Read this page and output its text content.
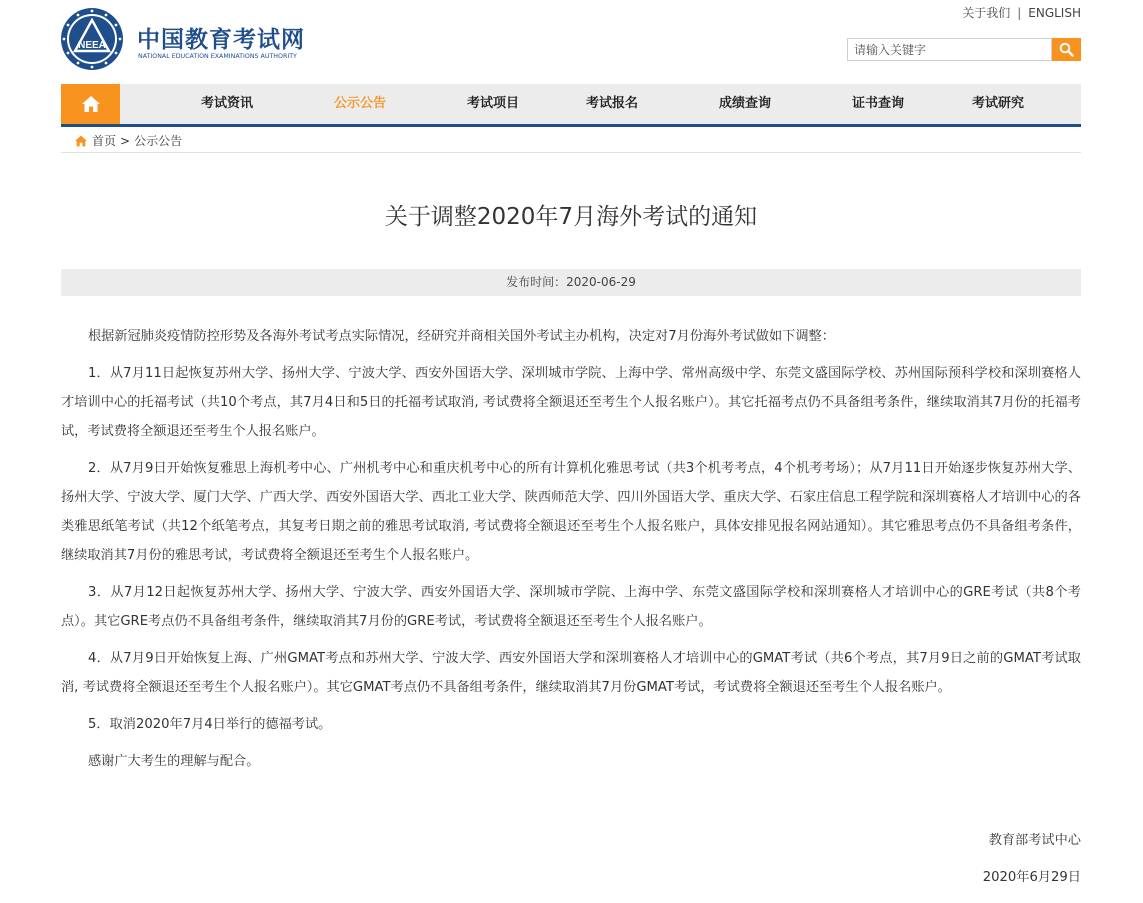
NEEA 中国教育考试网
NATIONAL EDUCATION EXAMINATIONS AUTHORITY
关于我们 | ENGLISH
请输入关键字
考试资讯	公示公告	考试项目	考试报名	成绩查询	证书查询	考试研究
首页 > 公示公告
关于调整2020年7月海外考试的通知
发布时间：2020-06-29

根据新冠肺炎疫情防控形势及各海外考试考点实际情况，经研究并商相关国外考试主办机构，决定对7月份海外考试做如下调整：

1．从7月11日起恢复苏州大学、扬州大学、宁波大学、西安外国语大学、深圳城市学院、上海中学、常州高级中学、东莞文盛国际学校、苏州国际预科学校和深圳赛格人才培训中心的托福考试（共10个考点，其7月4日和5日的托福考试取消, 考试费将全额退还至考生个人报名账户）。其它托福考点仍不具备组考条件，继续取消其7月份的托福考试，考试费将全额退还至考生个人报名账户。

2．从7月9日开始恢复雅思上海机考中心、广州机考中心和重庆机考中心的所有计算机化雅思考试（共3个机考考点，4个机考考场）；从7月11日开始逐步恢复苏州大学、扬州大学、宁波大学、厦门大学、广西大学、西安外国语大学、西北工业大学、陕西师范大学、四川外国语大学、重庆大学、石家庄信息工程学院和深圳赛格人才培训中心的各类雅思纸笔考试（共12个纸笔考点，其复考日期之前的雅思考试取消, 考试费将全额退还至考生个人报名账户，具体安排见报名网站通知）。其它雅思考点仍不具备组考条件，继续取消其7月份的雅思考试，考试费将全额退还至考生个人报名账户。

3．从7月12日起恢复苏州大学、扬州大学、宁波大学、西安外国语大学、深圳城市学院、上海中学、东莞文盛国际学校和深圳赛格人才培训中心的GRE考试（共8个考点）。其它GRE考点仍不具备组考条件，继续取消其7月份的GRE考试，考试费将全额退还至考生个人报名账户。

4．从7月9日开始恢复上海、广州GMAT考点和苏州大学、宁波大学、西安外国语大学和深圳赛格人才培训中心的GMAT考试（共6个考点，其7月9日之前的GMAT考试取消, 考试费将全额退还至考生个人报名账户）。其它GMAT考点仍不具备组考条件，继续取消其7月份GMAT考试，考试费将全额退还至考生个人报名账户。

5．取消2020年7月4日举行的德福考试。

感谢广大考生的理解与配合。

教育部考试中心
2020年6月29日
